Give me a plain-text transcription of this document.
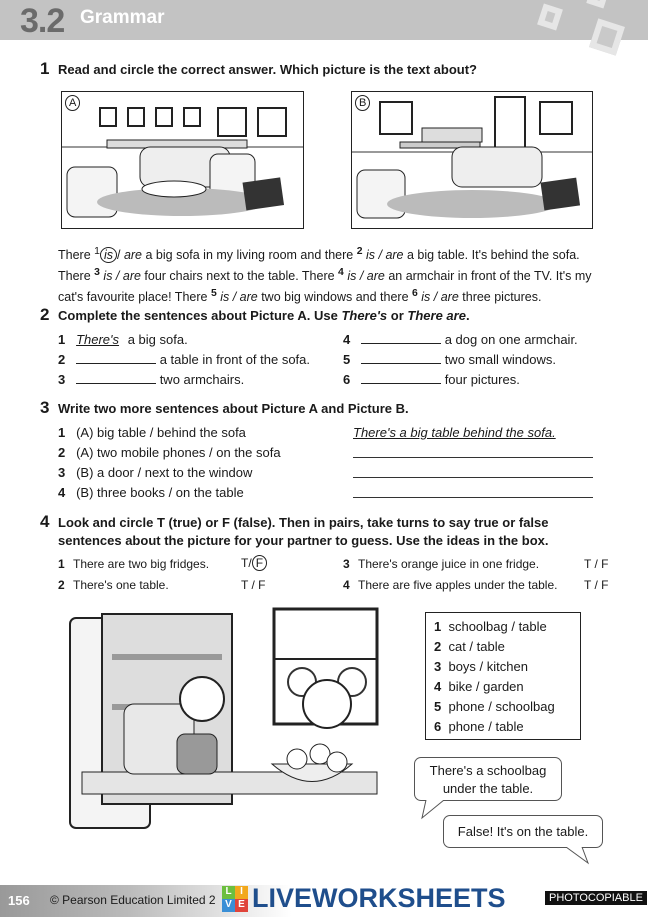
3.2 Grammar
1 Read and circle the correct answer. Which picture is the text about?
A	B
There $^1$ is / are a big sofa in my living room and there $^2$ is / are a big table. It's behind the sofa.
There $^3$ is / are four chairs next to the table. There $^4$ is / are an armchair in front of the TV. It's my
cat's favourite place! There $^5$ is / are two big windows and there $^6$ is / are three pictures.
2 Complete the sentences about Picture A. Use There's or There are.
1 There's a big sofa.
2	a table in front of the sofa.
3	two armchairs.
4	a dog on one armchair.
5	two small windows.
6	four pictures.
3 Write two more sentences about Picture A and Picture B.
1 (A) big table / behind the sofa
2 (A) two mobile phones / on the sofa
3 (B) a door / next to the window
4 (B) three books / on the table
There's a big table behind the sofa.
4 Look and circle T (true) or F (false). Then in pairs, take turns to say true or false
sentences about the picture for your partner to guess. Use the ideas in the box.
1 There are two big fridges.	T/ F
2 There's one table.	T / F
3 There's orange juice in one fridge.	T / F
4 There are five apples under the table. T / F
1 schoolbag / table
2 cat / table
3 boys / kitchen
4 bike / garden
5 phone / schoolbag
6 phone / table
There's a schoolbag
under the table.
False! It's on the table.
156 © Pearson Education Limited 2
L I
V E LIVEWORKSHEETS	PHOTOCOPIABLE
